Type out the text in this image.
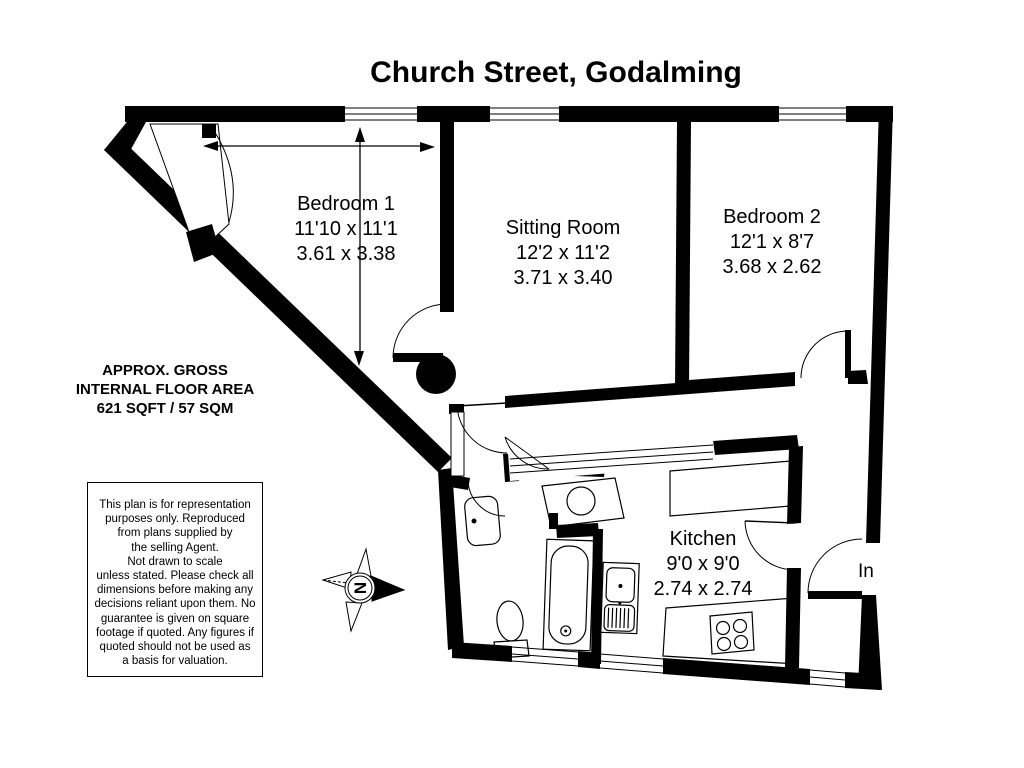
N
Church Street, Godalming
Bedroom 1
11'10 x 11'1
3.61 x 3.38
Sitting Room
12'2 x 11'2
3.71 x 3.40
Bedroom 2
12'1 x 8'7
3.68 x 2.62
Kitchen
9'0 x 9'0
2.74 x 2.74
APPROX. GROSS
INTERNAL FLOOR AREA
621 SQFT / 57 SQM
This plan is for representation
purposes only. Reproduced
from plans supplied by
the selling Agent.
Not drawn to scale
unless stated. Please check all
dimensions before making any
decisions reliant upon them. No
guarantee is given on square
footage if quoted. Any figures if
quoted should not be used as
a basis for valuation.
In
